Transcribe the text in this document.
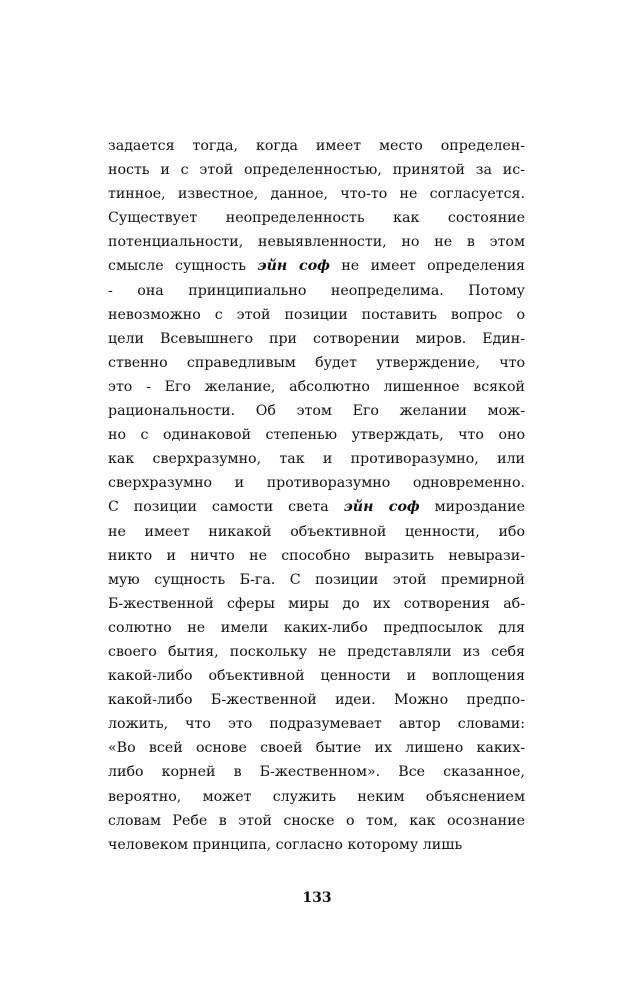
задается тогда, когда имеет место определен-
ность и с этой определенностью, принятой за ис-
тинное, известное, данное, что-то не согласуется.
Существует неопределенность как состояние
потенциальности, невыявленности, но не в этом
смысле сущность эйн соф не имеет определения
- она принципиально неопределима. Потому
невозможно с этой позиции поставить вопрос о
цели Всевышнего при сотворении миров. Един-
ственно справедливым будет утверждение, что
это - Его желание, абсолютно лишенное всякой
рациональности. Об этом Его желании мож-
но с одинаковой степенью утверждать, что оно
как сверхразумно, так и противоразумно, или
сверхразумно и противоразумно одновременно.
С позиции самости света эйн соф мироздание
не имеет никакой объективной ценности, ибо
никто и ничто не способно выразить невырази-
мую сущность Б-га. С позиции этой премирной
Б-жественной сферы миры до их сотворения аб-
солютно не имели каких-либо предпосылок для
своего бытия, поскольку не представляли из себя
какой-либо объективной ценности и воплощения
какой-либо Б-жественной идеи. Можно предпо-
ложить, что это подразумевает автор словами:
«Во всей основе своей бытие их лишено каких-
либо корней в Б-жественном». Все сказанное,
вероятно, может служить неким объяснением
словам Ребе в этой сноске о том, как осознание
человеком принципа, согласно которому лишь
133
